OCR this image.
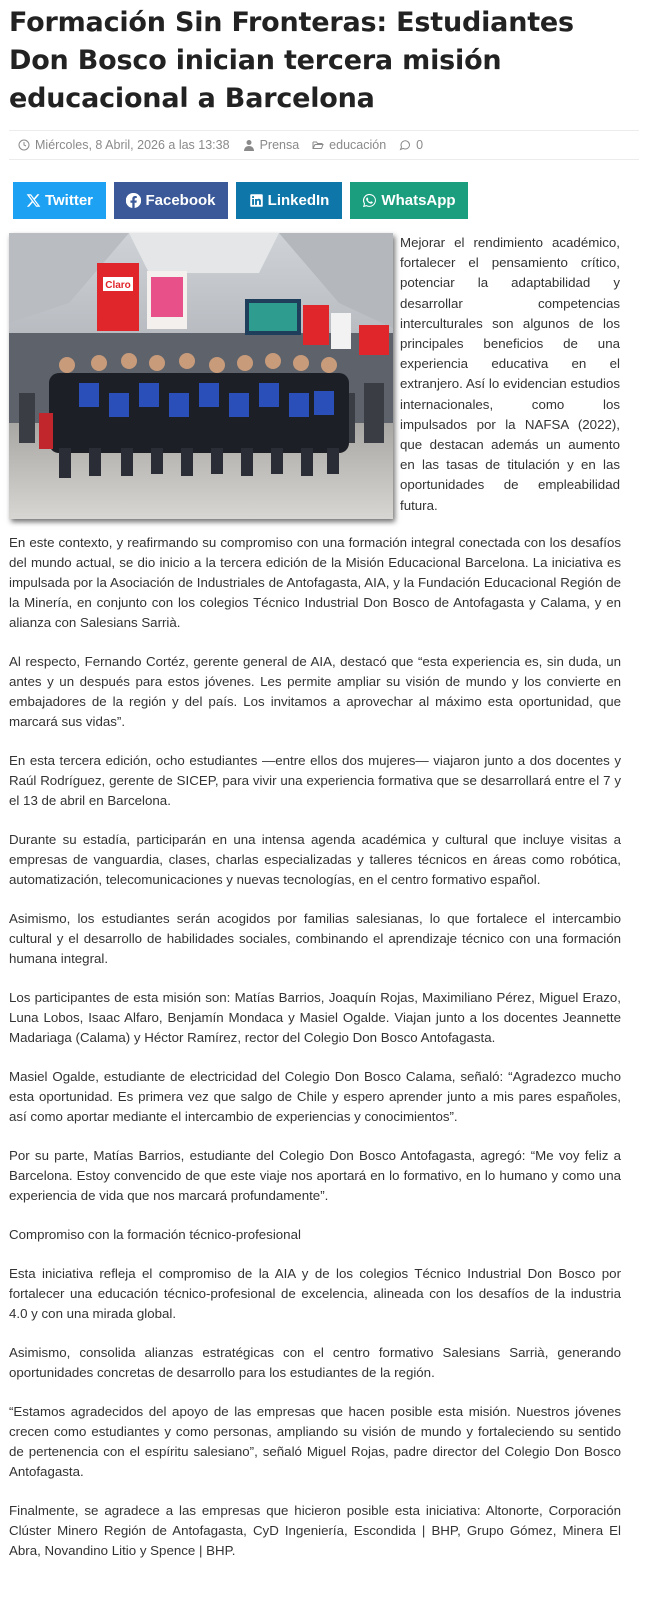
Formación Sin Fronteras: Estudiantes Don Bosco inician tercera misión educacional a Barcelona
Miércoles, 8 Abril, 2026 a las 13:38 Prensa educación 0
Twitter	Facebook	LinkedIn	WhatsApp
Claro

Mejorar el rendimiento académico, fortalecer el pensamiento crítico, potenciar la adaptabilidad y desarrollar competencias interculturales son algunos de los principales beneficios de una experiencia educativa en el extranjero. Así lo evidencian estudios internacionales, como los impulsados por la NAFSA (2022), que destacan además un aumento en las tasas de titulación y en las oportunidades de empleabilidad futura.

En este contexto, y reafirmando su compromiso con una formación integral conectada con los desafíos del mundo actual, se dio inicio a la tercera edición de la Misión Educacional Barcelona. La iniciativa es impulsada por la Asociación de Industriales de Antofagasta, AIA, y la Fundación Educacional Región de la Minería, en conjunto con los colegios Técnico Industrial Don Bosco de Antofagasta y Calama, y en alianza con Salesians Sarrià.

Al respecto, Fernando Cortéz, gerente general de AIA, destacó que “esta experiencia es, sin duda, un antes y un después para estos jóvenes. Les permite ampliar su visión de mundo y los convierte en embajadores de la región y del país. Los invitamos a aprovechar al máximo esta oportunidad, que marcará sus vidas”.

En esta tercera edición, ocho estudiantes —entre ellos dos mujeres— viajaron junto a dos docentes y Raúl Rodríguez, gerente de SICEP, para vivir una experiencia formativa que se desarrollará entre el 7 y el 13 de abril en Barcelona.

Durante su estadía, participarán en una intensa agenda académica y cultural que incluye visitas a empresas de vanguardia, clases, charlas especializadas y talleres técnicos en áreas como robótica, automatización, telecomunicaciones y nuevas tecnologías, en el centro formativo español.

Asimismo, los estudiantes serán acogidos por familias salesianas, lo que fortalece el intercambio cultural y el desarrollo de habilidades sociales, combinando el aprendizaje técnico con una formación humana integral.

Los participantes de esta misión son: Matías Barrios, Joaquín Rojas, Maximiliano Pérez, Miguel Erazo, Luna Lobos, Isaac Alfaro, Benjamín Mondaca y Masiel Ogalde. Viajan junto a los docentes Jeannette Madariaga (Calama) y Héctor Ramírez, rector del Colegio Don Bosco Antofagasta.

Masiel Ogalde, estudiante de electricidad del Colegio Don Bosco Calama, señaló: “Agradezco mucho esta oportunidad. Es primera vez que salgo de Chile y espero aprender junto a mis pares españoles, así como aportar mediante el intercambio de experiencias y conocimientos”.

Por su parte, Matías Barrios, estudiante del Colegio Don Bosco Antofagasta, agregó: “Me voy feliz a Barcelona. Estoy convencido de que este viaje nos aportará en lo formativo, en lo humano y como una experiencia de vida que nos marcará profundamente”.

Compromiso con la formación técnico-profesional

Esta iniciativa refleja el compromiso de la AIA y de los colegios Técnico Industrial Don Bosco por fortalecer una educación técnico-profesional de excelencia, alineada con los desafíos de la industria 4.0 y con una mirada global.

Asimismo, consolida alianzas estratégicas con el centro formativo Salesians Sarrià, generando oportunidades concretas de desarrollo para los estudiantes de la región.

“Estamos agradecidos del apoyo de las empresas que hacen posible esta misión. Nuestros jóvenes crecen como estudiantes y como personas, ampliando su visión de mundo y fortaleciendo su sentido de pertenencia con el espíritu salesiano”, señaló Miguel Rojas, padre director del Colegio Don Bosco Antofagasta.

Finalmente, se agradece a las empresas que hicieron posible esta iniciativa: Altonorte, Corporación Clúster Minero Región de Antofagasta, CyD Ingeniería, Escondida | BHP, Grupo Gómez, Minera El Abra, Novandino Litio y Spence | BHP.
